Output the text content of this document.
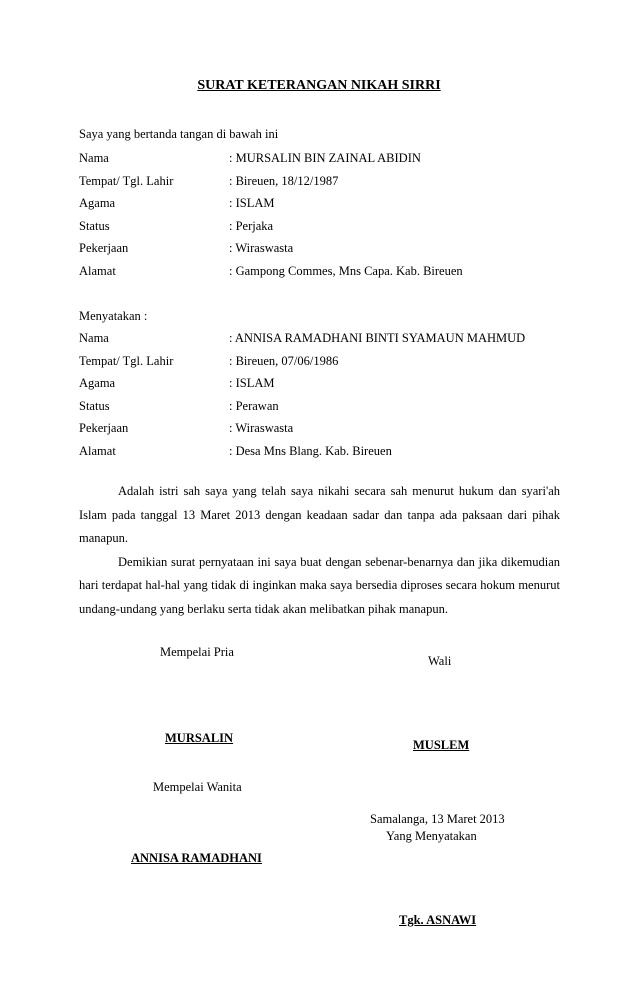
SURAT KETERANGAN NIKAH SIRRI
Saya yang bertanda tangan di bawah ini
Nama	: MURSALIN BIN ZAINAL ABIDIN
Tempat/ Tgl. Lahir	: Bireuen, 18/12/1987
Agama	: ISLAM
Status	: Perjaka
Pekerjaan	: Wiraswasta
Alamat	: Gampong Commes, Mns Capa. Kab. Bireuen
Menyatakan :
Nama	: ANNISA RAMADHANI BINTI SYAMAUN MAHMUD
Tempat/ Tgl. Lahir	: Bireuen, 07/06/1986
Agama	: ISLAM
Status	: Perawan
Pekerjaan	: Wiraswasta
Alamat	: Desa Mns Blang. Kab. Bireuen

Adalah istri sah saya yang telah saya nikahi secara sah menurut hukum dan syari'ah Islam pada tanggal 13 Maret 2013 dengan keadaan sadar dan tanpa ada paksaan dari pihak manapun.

Demikian surat pernyataan ini saya buat dengan sebenar-benarnya dan jika dikemudian hari terdapat hal-hal yang tidak di inginkan maka saya bersedia diproses secara hokum menurut undang-undang yang berlaku serta tidak akan melibatkan pihak manapun.

Mempelai Pria
Wali
MURSALIN	MUSLEM
Mempelai Wanita
Samalanga, 13 Maret 2013
Yang Menyatakan
ANNISA RAMADHANI
Tgk. ASNAWI
